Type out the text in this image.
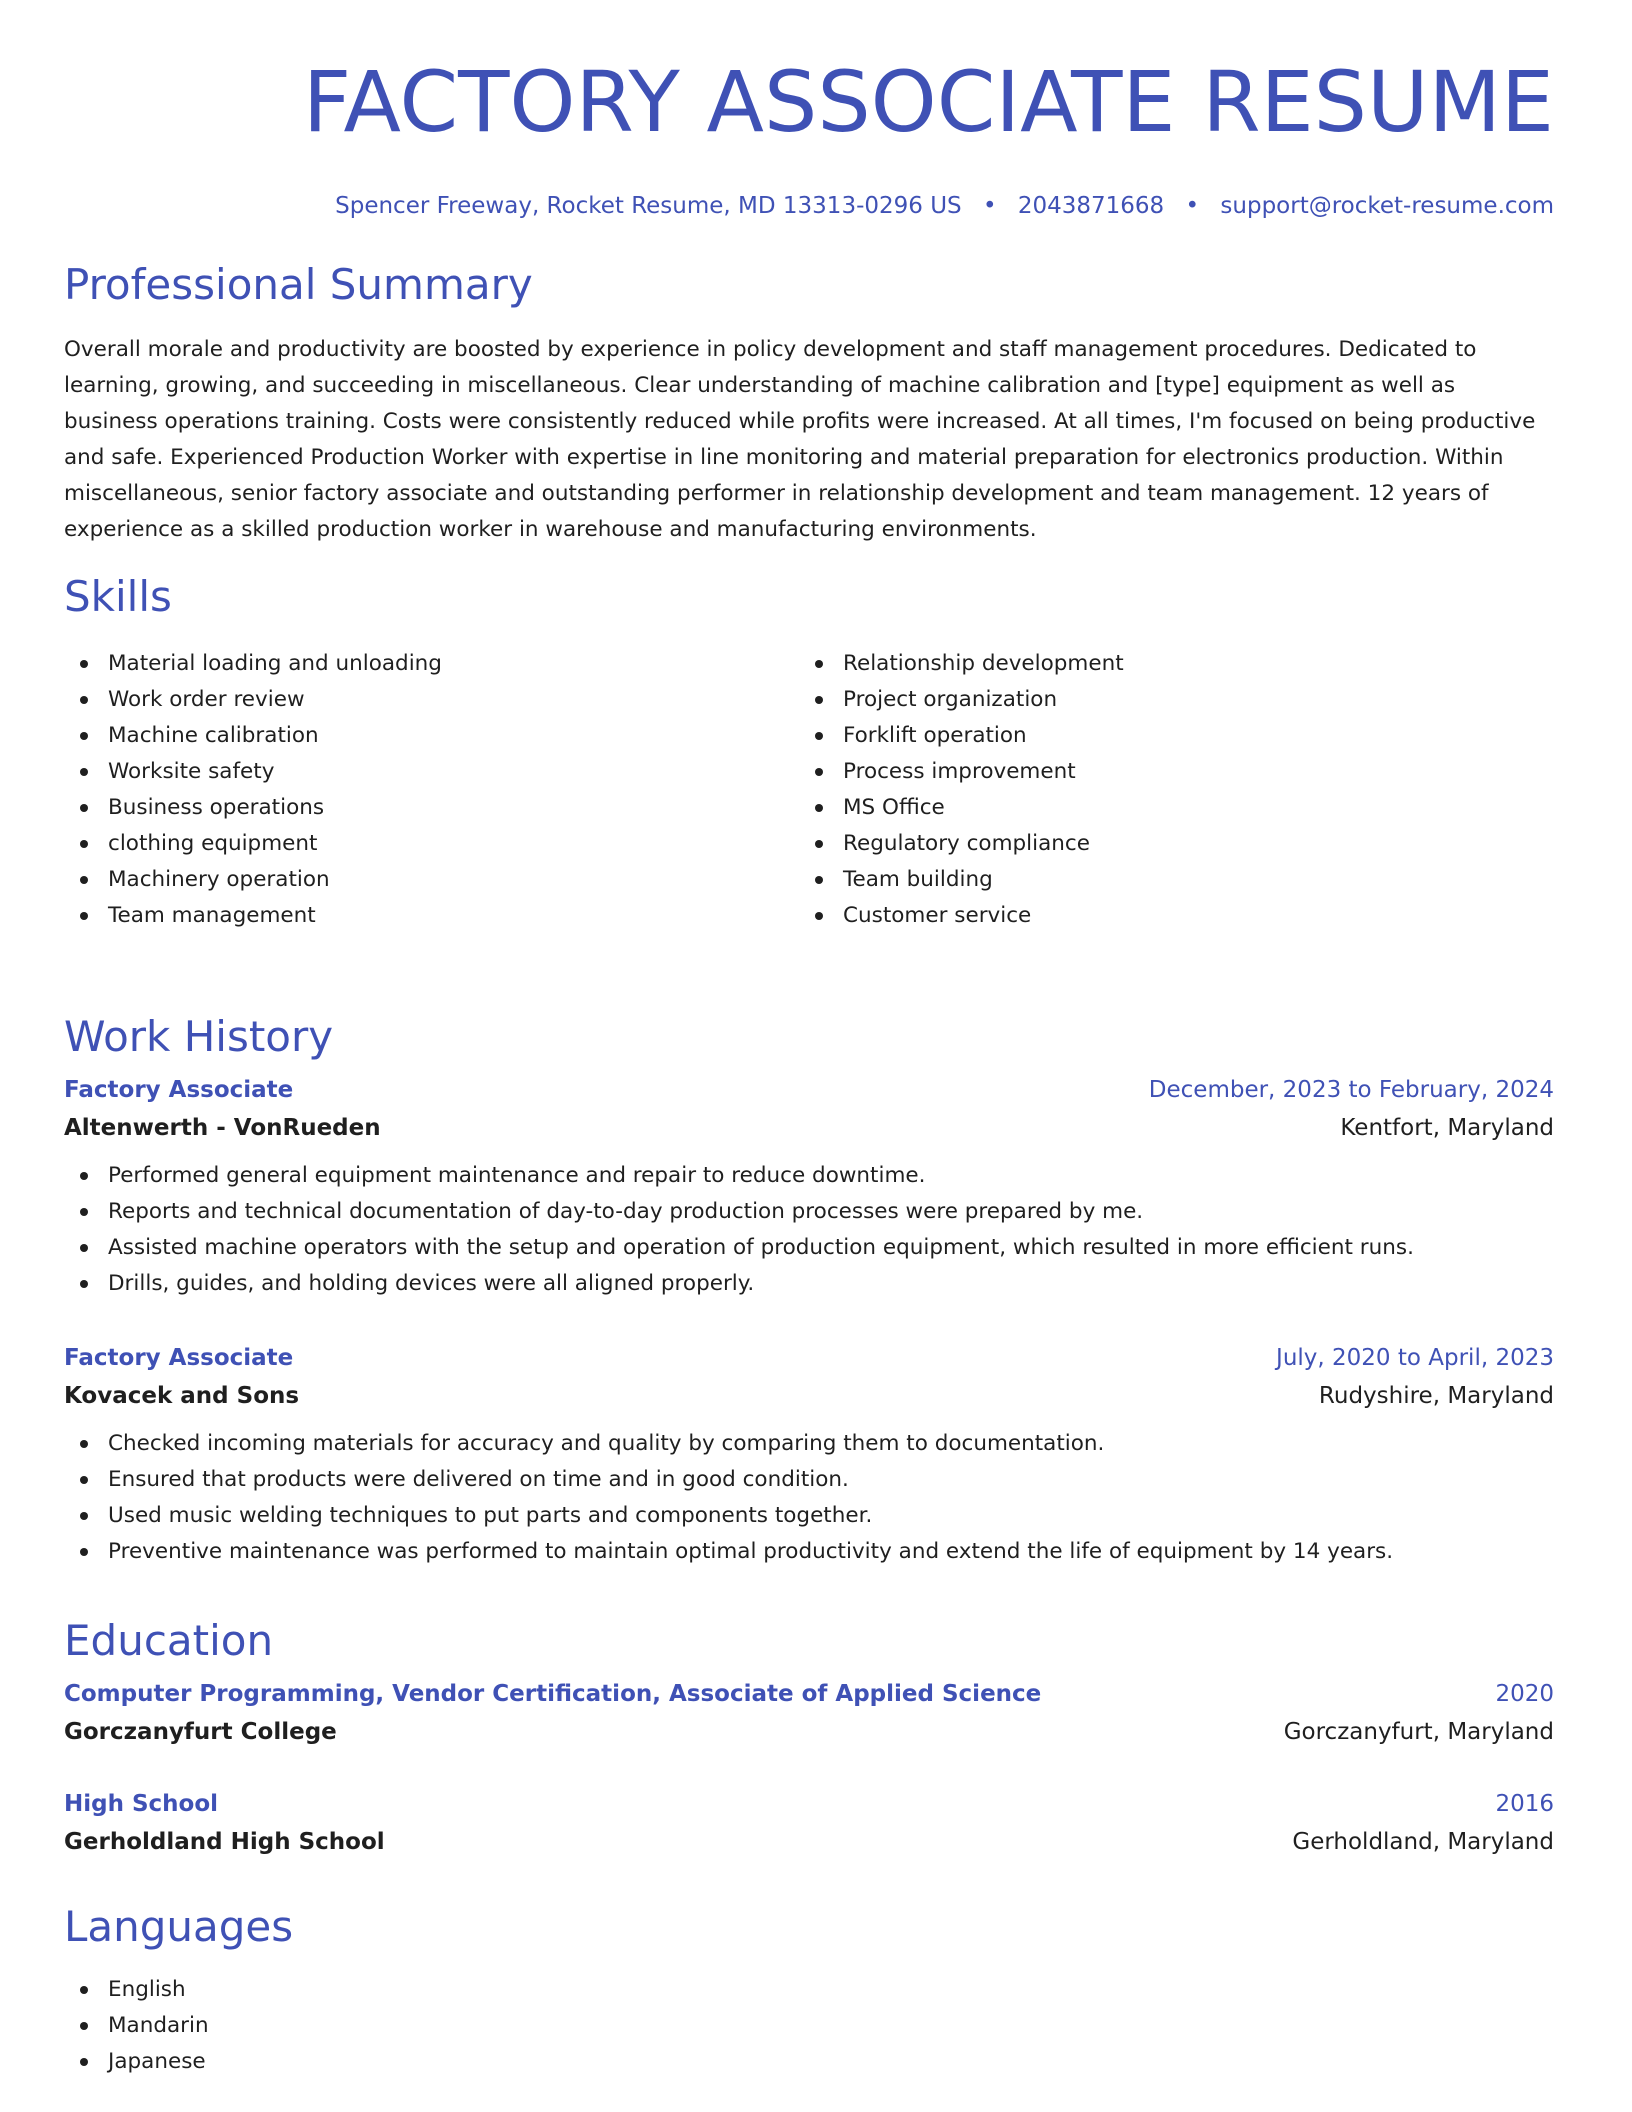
FACTORY ASSOCIATE RESUME
Spencer Freeway, Rocket Resume, MD 13313-0296 US • 2043871668 • support@rocket-resume.com
Professional Summary
Overall morale and productivity are boosted by experience in policy development and staff management procedures. Dedicated to learning, growing, and succeeding in miscellaneous. Clear understanding of machine calibration and [type] equipment as well as business operations training. Costs were consistently reduced while profits were increased. At all times, I'm focused on being productive and safe. Experienced Production Worker with expertise in line monitoring and material preparation for electronics production. Within miscellaneous, senior factory associate and outstanding performer in relationship development and team management. 12 years of experience as a skilled production worker in warehouse and manufacturing environments.
Skills
Material loading and unloading
Work order review
Machine calibration
Worksite safety
Business operations
clothing equipment
Machinery operation
Team management
Relationship development
Project organization
Forklift operation
Process improvement
MS Office
Regulatory compliance
Team building
Customer service
Work History
Factory Associate	December, 2023 to February, 2024
Altenwerth - VonRueden	Kentfort, Maryland
Performed general equipment maintenance and repair to reduce downtime.
Reports and technical documentation of day-to-day production processes were prepared by me.
Assisted machine operators with the setup and operation of production equipment, which resulted in more efficient runs.
Drills, guides, and holding devices were all aligned properly.
Factory Associate	July, 2020 to April, 2023
Kovacek and Sons	Rudyshire, Maryland
Checked incoming materials for accuracy and quality by comparing them to documentation.
Ensured that products were delivered on time and in good condition.
Used music welding techniques to put parts and components together.
Preventive maintenance was performed to maintain optimal productivity and extend the life of equipment by 14 years.
Education
Computer Programming, Vendor Certification, Associate of Applied Science	2020
Gorczanyfurt College	Gorczanyfurt, Maryland
High School	2016
Gerholdland High School	Gerholdland, Maryland
Languages
English
Mandarin
Japanese
